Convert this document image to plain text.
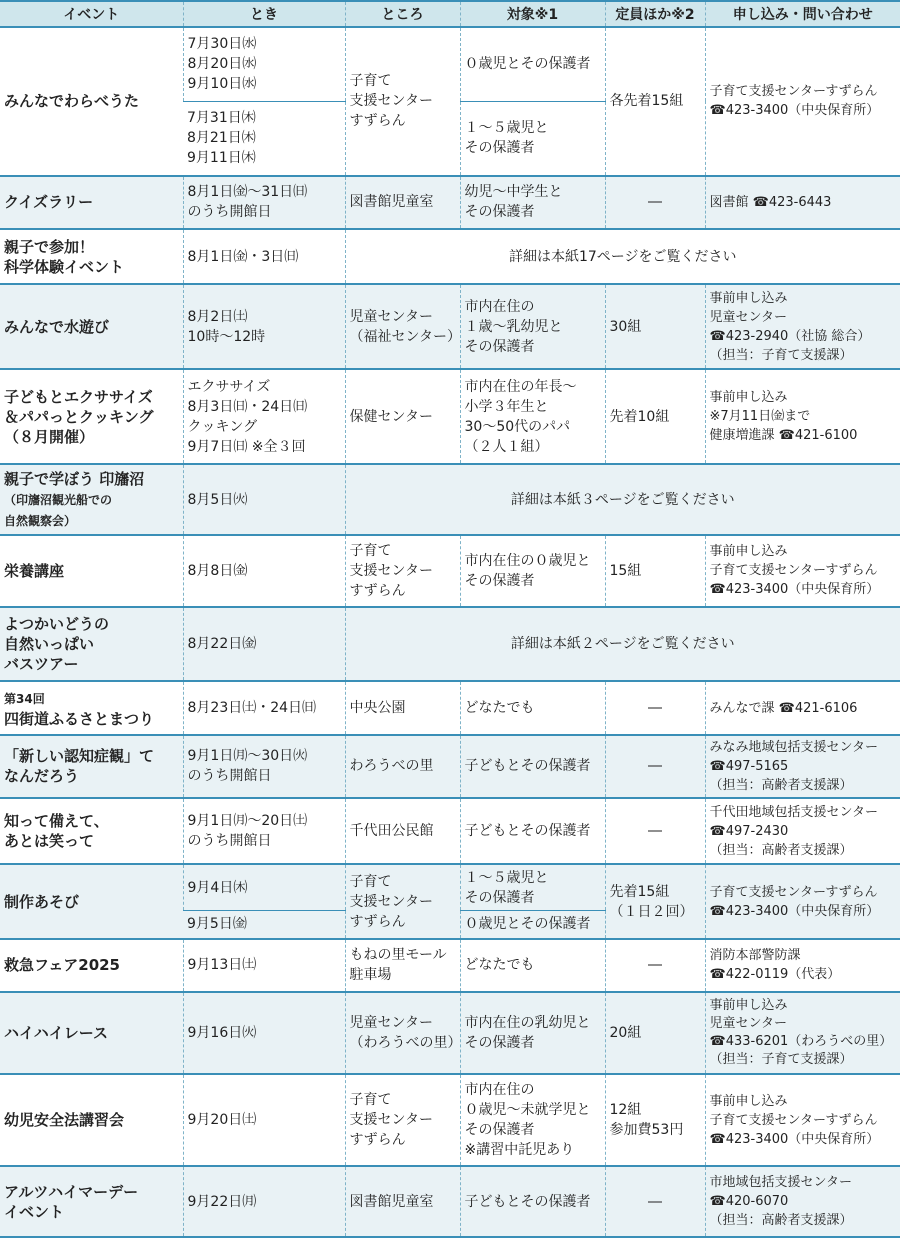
イベント	とき	ところ	対象※1	定員ほか※2	申し込み・問い合わせ
みんなでわらべうた	7月30日㈬
8月20日㈬
9月10日㈬	子育て
支援センター
すずらん	０歳児とその保護者	各先着15組	子育て支援センターすずらん
☎423-3400（中央保育所）
	7月31日㈭
8月21日㈭
9月11日㈭		１～５歳児と
その保護者		
クイズラリー	8月1日㈮～31日㈰
のうち開館日	図書館児童室	幼児～中学生と
その保護者	―	図書館 ☎423-6443
親子で参加！
科学体験イベント	8月1日㈮・3日㈰	詳細は本紙17ページをご覧ください			
みんなで水遊び	8月2日㈯
10時～12時	児童センター
（福祉センター）	市内在住の
１歳～乳幼児と
その保護者	30組	事前申し込み
児童センター
☎423-2940（社協 総合）
（担当：子育て支援課）
子どもとエクササイズ
＆パパっとクッキング
（８月開催）	エクササイズ
8月3日㈰・24日㈰
クッキング
9月7日㈰ ※全３回	保健センター	市内在住の年長～
小学３年生と
30～50代のパパ
（２人１組）	先着10組	事前申し込み
※7月11日㈮まで
健康増進課 ☎421-6100
親子で学ぼう 印旛沼
（印旛沼観光船での
自然観察会）	8月5日㈫	詳細は本紙３ページをご覧ください			
栄養講座	8月8日㈮	子育て
支援センター
すずらん	市内在住の０歳児と
その保護者	15組	事前申し込み
子育て支援センターすずらん
☎423-3400（中央保育所）
よつかいどうの
自然いっぱい
バスツアー	8月22日㈮	詳細は本紙２ページをご覧ください			
第34回
四街道ふるさとまつり	8月23日㈯・24日㈰	中央公園	どなたでも	―	みんなで課 ☎421-6106
「新しい認知症観」て
なんだろう	9月1日㈪～30日㈫
のうち開館日	わろうべの里	子どもとその保護者	―	みなみ地域包括支援センター
☎497-5165
（担当：高齢者支援課）
知って備えて、
あとは笑って	9月1日㈪～20日㈯
のうち開館日	千代田公民館	子どもとその保護者	―	千代田地域包括支援センター
☎497-2430
（担当：高齢者支援課）
制作あそび	9月4日㈭	子育て
支援センター
すずらん	１～５歳児と
その保護者	先着15組
（１日２回）	子育て支援センターすずらん
☎423-3400（中央保育所）
	9月5日㈮		０歳児とその保護者		
救急フェア2025	9月13日㈯	もねの里モール
駐車場	どなたでも	―	消防本部警防課
☎422-0119（代表）
ハイハイレース	9月16日㈫	児童センター
（わろうべの里）	市内在住の乳幼児と
その保護者	20組	事前申し込み
児童センター
☎433-6201（わろうべの里）
（担当：子育て支援課）
幼児安全法講習会	9月20日㈯	子育て
支援センター
すずらん	市内在住の
０歳児～未就学児と
その保護者
※講習中託児あり	12組
参加費53円	事前申し込み
子育て支援センターすずらん
☎423-3400（中央保育所）
アルツハイマーデー
イベント	9月22日㈪	図書館児童室	子どもとその保護者	―	市地域包括支援センター
☎420-6070
（担当：高齢者支援課）
